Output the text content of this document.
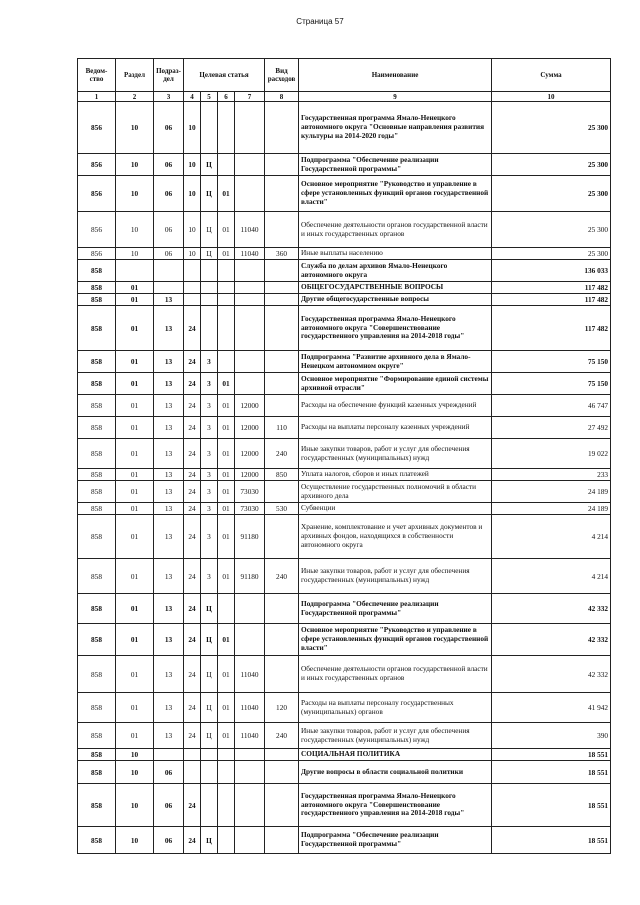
Страница 57
Ведом-ство	Раздел	Подраз-дел	Целевая статья				Вид расходов	Наименование	Сумма
1	2	3	4	5	6	7	8	9	10
856	10	06	10					Государственная программа Ямало-Ненецкого автономного округа "Основные направления развития культуры на 2014-2020 годы"	25 300
856	10	06	10	Ц				Подпрограмма "Обеспечение реализации Государственной программы"	25 300
856	10	06	10	Ц	01			Основное мероприятие "Руководство и управление в сфере установленных функций органов государственной власти"	25 300
856	10	06	10	Ц	01	11040		Обеспечение деятельности органов государственной власти и иных государственных органов	25 300
856	10	06	10	Ц	01	11040	360	Иные выплаты населению	25 300
858								Служба по делам архивов Ямало-Ненецкого автономного округа	136 033
858	01							ОБЩЕГОСУДАРСТВЕННЫЕ ВОПРОСЫ	117 482
858	01	13						Другие общегосударственные вопросы	117 482
858	01	13	24					Государственная программа Ямало-Ненецкого автономного округа "Совершенствование государственного управления на 2014-2018 годы"	117 482
858	01	13	24	3				Подпрограмма "Развитие архивного дела в Ямало-Ненецком автономном округе"	75 150
858	01	13	24	3	01			Основное мероприятие "Формирование единой системы архивной отрасли"	75 150
858	01	13	24	3	01	12000		Расходы на обеспечение функций казенных учреждений	46 747
858	01	13	24	3	01	12000	110	Расходы на выплаты персоналу казенных учреждений	27 492
858	01	13	24	3	01	12000	240	Иные закупки товаров, работ и услуг для обеспечения государственных (муниципальных) нужд	19 022
858	01	13	24	3	01	12000	850	Уплата налогов, сборов и иных платежей	233
858	01	13	24	3	01	73030		Осуществление государственных полномочий в области архивного дела	24 189
858	01	13	24	3	01	73030	530	Субвенции	24 189
858	01	13	24	3	01	91180		Хранение, комплектование и учет архивных документов и архивных фондов, находящихся в собственности автономного округа	4 214
858	01	13	24	3	01	91180	240	Иные закупки товаров, работ и услуг для обеспечения государственных (муниципальных) нужд	4 214
858	01	13	24	Ц				Подпрограмма "Обеспечение реализации Государственной программы"	42 332
858	01	13	24	Ц	01			Основное мероприятие "Руководство и управление в сфере установленных функций органов государственной власти"	42 332
858	01	13	24	Ц	01	11040		Обеспечение деятельности органов государственной власти и иных государственных органов	42 332
858	01	13	24	Ц	01	11040	120	Расходы на выплаты персоналу государственных (муниципальных) органов	41 942
858	01	13	24	Ц	01	11040	240	Иные закупки товаров, работ и услуг для обеспечения государственных (муниципальных) нужд	390
858	10							СОЦИАЛЬНАЯ ПОЛИТИКА	18 551
858	10	06						Другие вопросы в области социальной политики	18 551
858	10	06	24					Государственная программа Ямало-Ненецкого автономного округа "Совершенствование государственного управления на 2014-2018 годы"	18 551
858	10	06	24	Ц				Подпрограмма "Обеспечение реализации Государственной программы"	18 551
